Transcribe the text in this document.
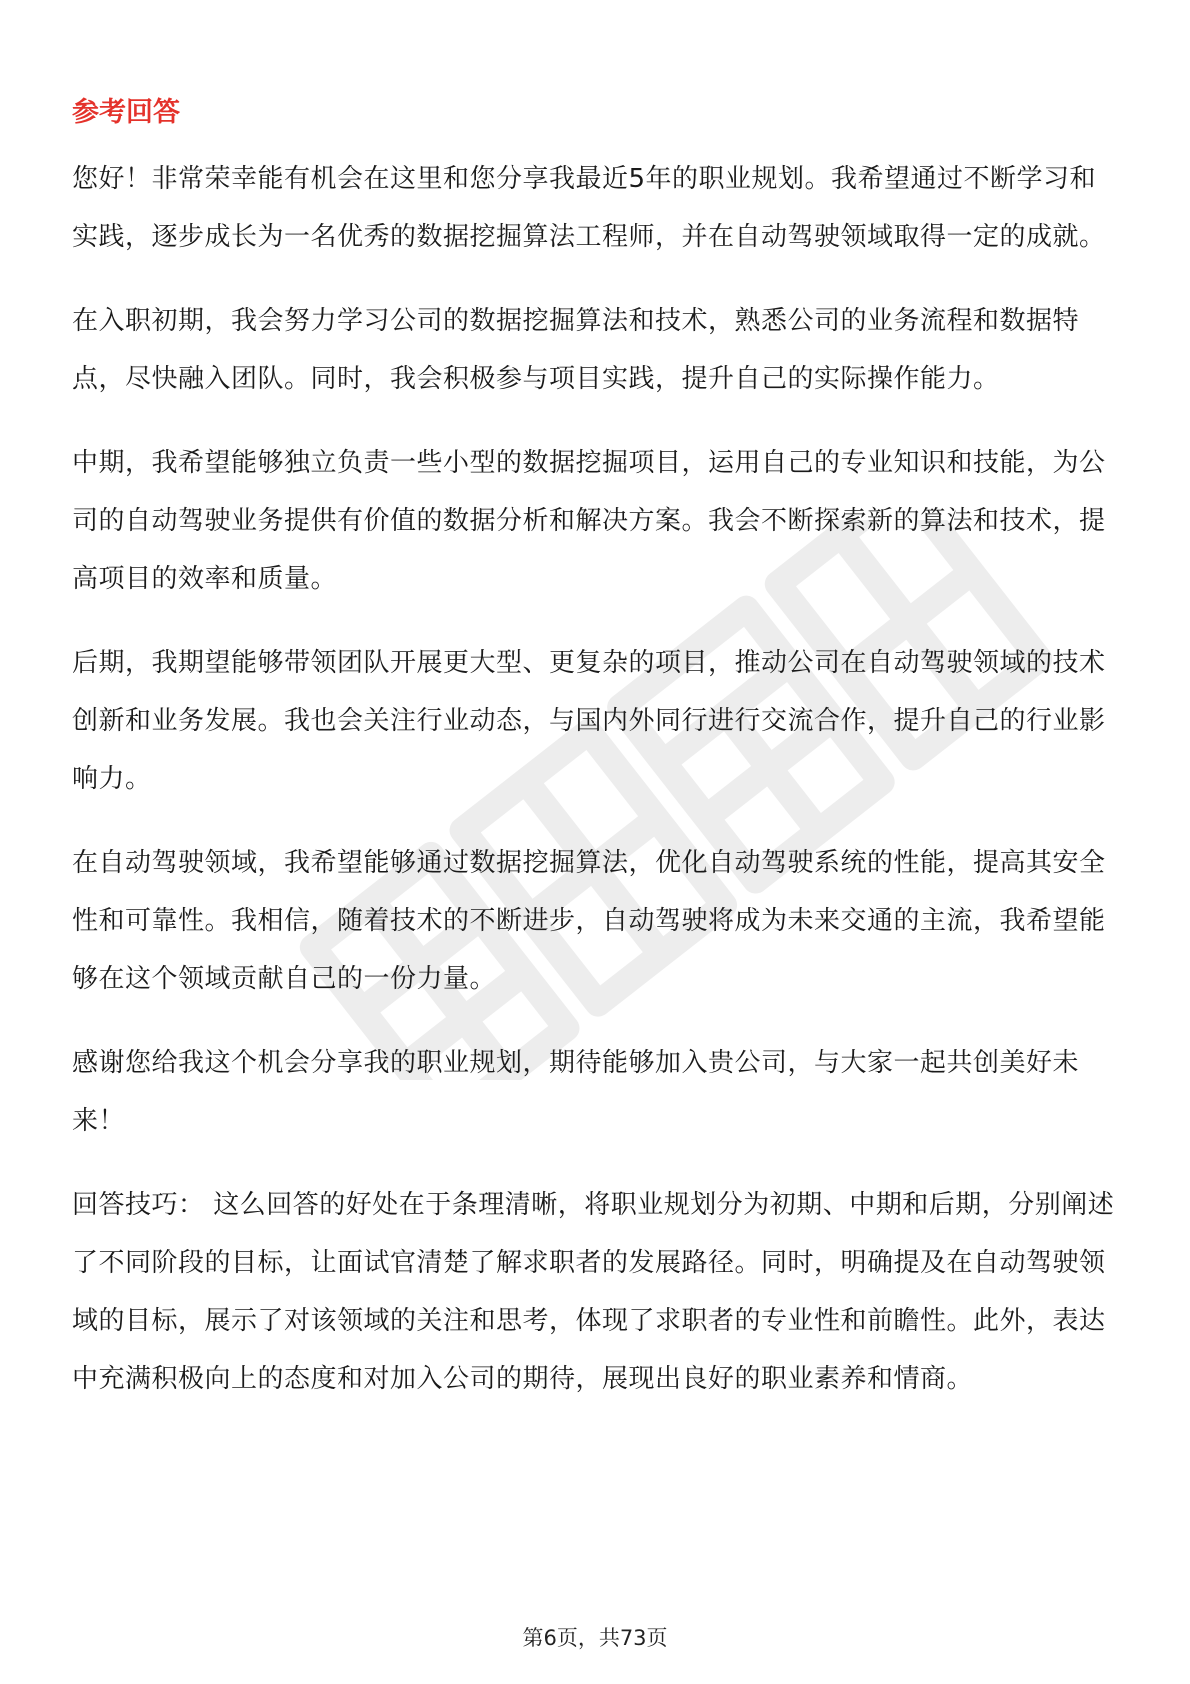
参考回答

您好！非常荣幸能有机会在这里和您分享我最近5年的职业规划。我希望通过不断学习和实践，逐步成长为一名优秀的数据挖掘算法工程师，并在自动驾驶领域取得一定的成就。

在入职初期，我会努力学习公司的数据挖掘算法和技术，熟悉公司的业务流程和数据特点，尽快融入团队。同时，我会积极参与项目实践，提升自己的实际操作能力。

中期，我希望能够独立负责一些小型的数据挖掘项目，运用自己的专业知识和技能，为公司的自动驾驶业务提供有价值的数据分析和解决方案。我会不断探索新的算法和技术，提高项目的效率和质量。

后期，我期望能够带领团队开展更大型、更复杂的项目，推动公司在自动驾驶领域的技术创新和业务发展。我也会关注行业动态，与国内外同行进行交流合作，提升自己的行业影响力。

在自动驾驶领域，我希望能够通过数据挖掘算法，优化自动驾驶系统的性能，提高其安全性和可靠性。我相信，随着技术的不断进步，自动驾驶将成为未来交通的主流，我希望能够在这个领域贡献自己的一份力量。

感谢您给我这个机会分享我的职业规划，期待能够加入贵公司，与大家一起共创美好未来！

回答技巧： 这么回答的好处在于条理清晰，将职业规划分为初期、中期和后期，分别阐述了不同阶段的目标，让面试官清楚了解求职者的发展路径。同时，明确提及在自动驾驶领域的目标，展示了对该领域的关注和思考，体现了求职者的专业性和前瞻性。此外，表达中充满积极向上的态度和对加入公司的期待，展现出良好的职业素养和情商。

第6页，共73页
